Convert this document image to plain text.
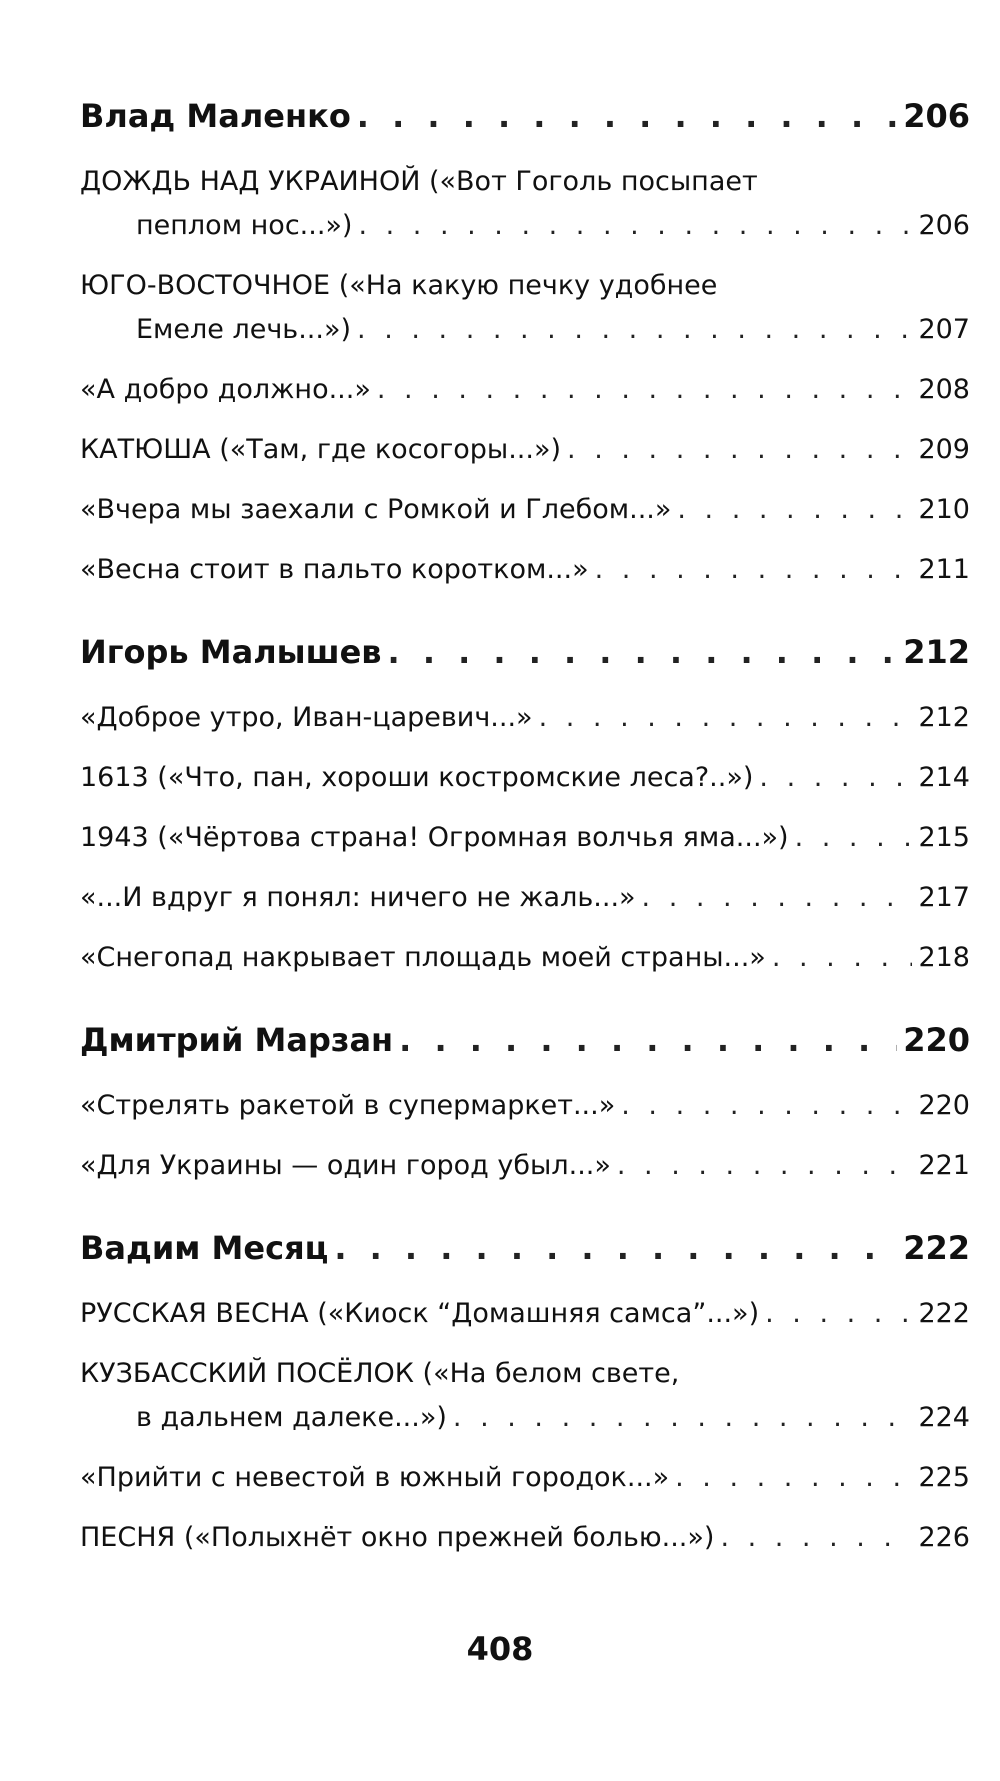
Влад Маленко . . .	206
ДОЖДЬ НАД УКРАИНОЙ («Вот Гоголь посыпает
пеплом нос...») . . .	206
ЮГО-ВОСТОЧНОЕ («На какую печку удобнее
Емеле лечь...») . . .	207
«А добро должно...» . . .	208
КАТЮША («Там, где косогоры...») . . .	209
«Вчера мы заехали с Ромкой и Глебом...» . . .	210
«Весна стоит в пальто коротком...» . . .	211
Игорь Малышев . . .	212
«Доброе утро, Иван-царевич...» . . .	212
1613 («Что, пан, хороши костромские леса?..») . . .	214
1943 («Чёртова страна! Огромная волчья яма...») . . .	215
«...И вдруг я понял: ничего не жаль...» . . .	217
«Снегопад накрывает площадь моей страны...» . . .	218
Дмитрий Марзан . . .	220
«Стрелять ракетой в супермаркет...» . . .	220
«Для Украины — один город убыл...» . . .	221
Вадим Месяц . . .	222
РУССКАЯ ВЕСНА («Киоск “Домашняя самса”...») . . .	222
КУЗБАССКИЙ ПОСЁЛОК («На белом свете,
в дальнем далеке...») . . .	224
«Прийти с невестой в южный городок...» . . .	225
ПЕСНЯ («Полыхнёт окно прежней болью...») . . .	226
408
